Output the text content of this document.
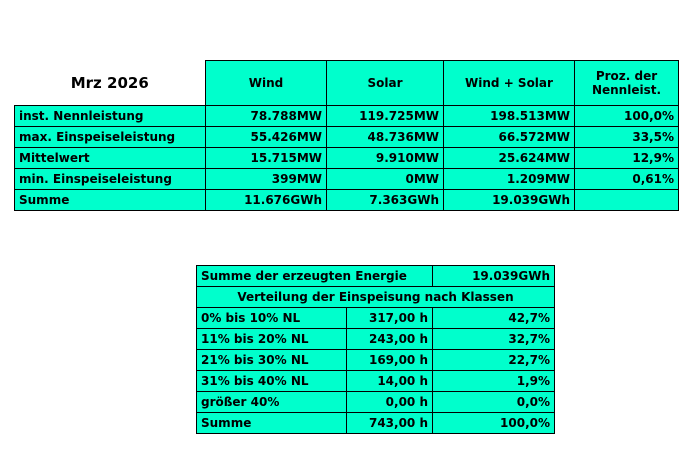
Mrz 2026	Wind	Solar	Wind + Solar	Proz. der
Nennleist.

inst. Nennleistung	78.788MW	119.725MW	198.513MW	100,0%
max. Einspeiseleistung	55.426MW	48.736MW	66.572MW	33,5%
Mittelwert	15.715MW	9.910MW	25.624MW	12,9%
min. Einspeiseleistung	399MW	0MW	1.209MW	0,61%
Summe	11.676GWh	7.363GWh	19.039GWh	
Summe der erzeugten Energie		19.039GWh
Verteilung der Einspeisung nach Klassen		
0% bis 10% NL	317,00 h	42,7%
11% bis 20% NL	243,00 h	32,7%
21% bis 30% NL	169,00 h	22,7%
31% bis 40% NL	14,00 h	1,9%
größer 40%	0,00 h	0,0%
Summe	743,00 h	100,0%
